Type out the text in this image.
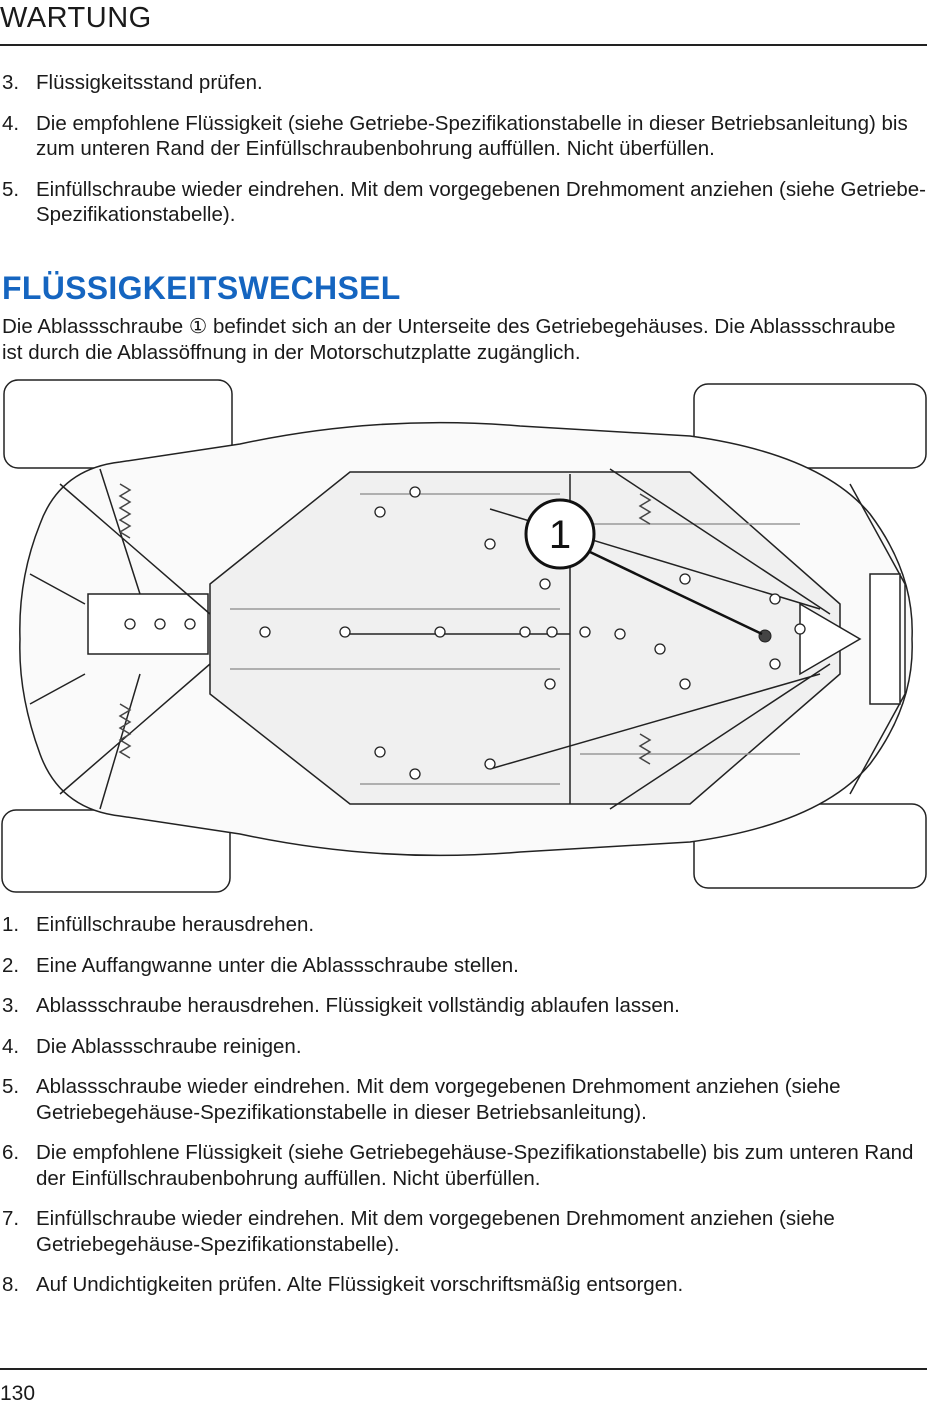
WARTUNG
3. Flüssigkeitsstand prüfen.
4. Die empfohlene Flüssigkeit (siehe Getriebe-Spezifikationstabelle in dieser Betriebsanleitung) bis zum unteren Rand der Einfüllschraubenbohrung auffüllen. Nicht überfüllen.
5. Einfüllschraube wieder eindrehen. Mit dem vorgegebenen Drehmoment anziehen (siehe Getriebe-Spezifikationstabelle).
FLÜSSIGKEITSWECHSEL
Die Ablassschraube ① befindet sich an der Unterseite des Getriebegehäuses. Die Ablassschraube ist durch die Ablassöffnung in der Motorschutzplatte zugänglich.
1
1. Einfüllschraube herausdrehen.
2. Eine Auffangwanne unter die Ablassschraube stellen.
3. Ablassschraube herausdrehen. Flüssigkeit vollständig ablaufen lassen.
4. Die Ablassschraube reinigen.
5. Ablassschraube wieder eindrehen. Mit dem vorgegebenen Drehmoment anziehen (siehe Getriebegehäuse-Spezifikationstabelle in dieser Betriebsanleitung).
6. Die empfohlene Flüssigkeit (siehe Getriebegehäuse-Spezifikationstabelle) bis zum unteren Rand der Einfüllschraubenbohrung auffüllen. Nicht überfüllen.
7. Einfüllschraube wieder eindrehen. Mit dem vorgegebenen Drehmoment anziehen (siehe Getriebegehäuse-Spezifikationstabelle).
8. Auf Undichtigkeiten prüfen. Alte Flüssigkeit vorschriftsmäßig entsorgen.
130
